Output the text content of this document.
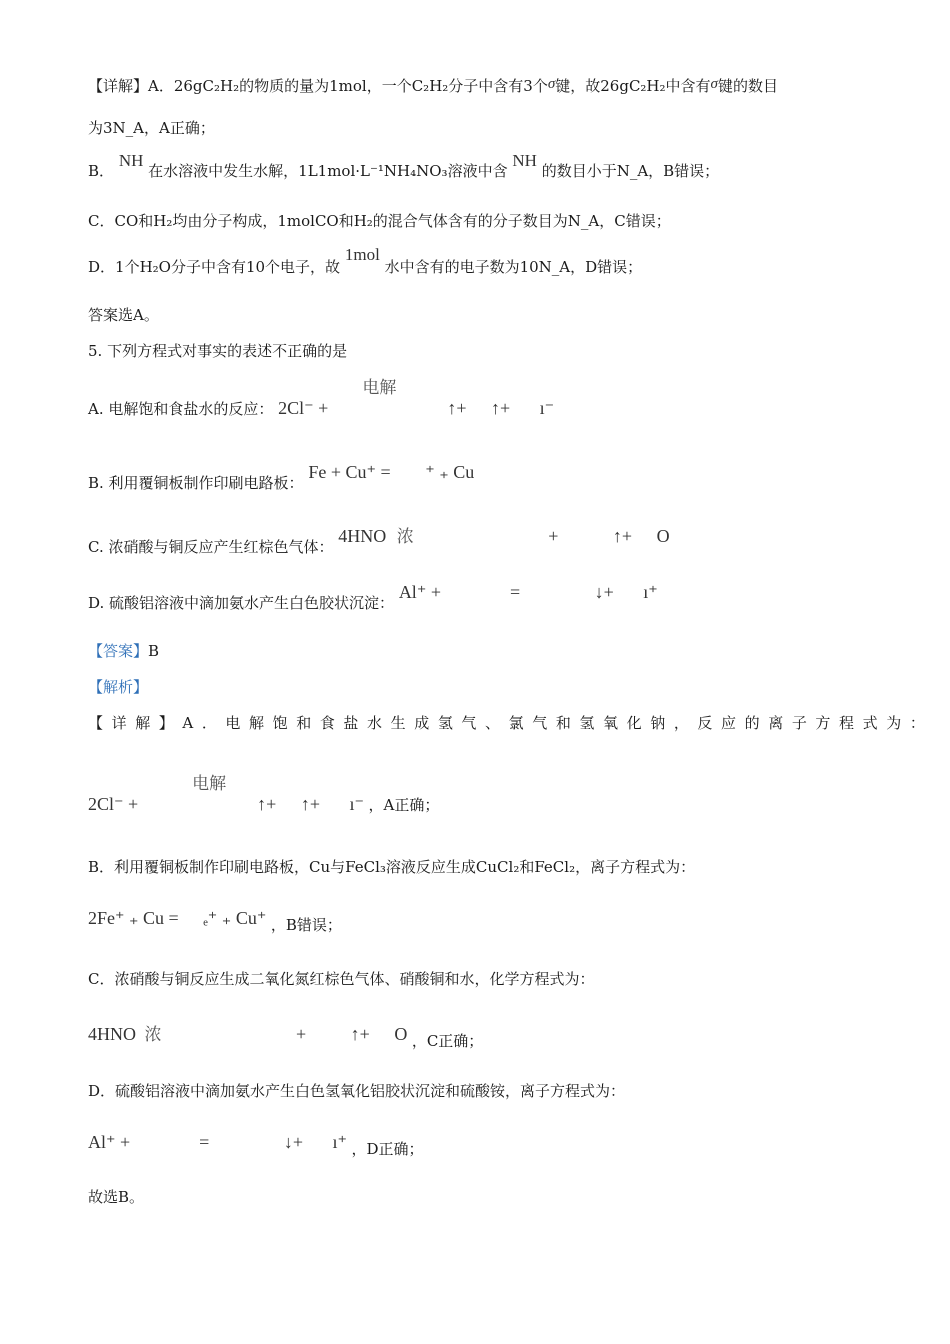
【详解】A．26gC₂H₂的物质的量为1mol，一个C₂H₂分子中含有3个σ键，故26gC₂H₂中含有σ键的数目
为3N_A，A正确；
B． NH 在水溶液中发生水解，1L1mol·L⁻¹NH₄NO₃溶液中含 NH 的数目小于N_A，B错误；
C．CO和H₂均由分子构成，1molCO和H₂的混合气体含有的分子数目为N_A，C错误；
D．1个H₂O分子中含有10个电子，故 1mol 水中含有的电子数为10N_A，D错误；
答案选A。
5. 下列方程式对事实的表述不正确的是
A. 电解饱和食盐水的反应： 2Cl⁻ +
电解
↑+ ↑+ ı⁻
B. 利用覆铜板制作印刷电路板： Fe + Cu⁺ = ⁺ ₊ Cu
C. 浓硝酸与铜反应产生红棕色气体： 4HNO 浓	+	↑+ O
D. 硫酸铝溶液中滴加氨水产生白色胶状沉淀： Al⁺ +	=	↓+ ı⁺
【答案】B
【解析】
【详解】A．电解饱和食盐水生成氢气、氯气和氢氧化钠，反应的离子方程式为：
2Cl⁻ +
电解
↑+ ↑+ ı⁻ ，A正确；
B．利用覆铜板制作印刷电路板，Cu与FeCl₃溶液反应生成CuCl₂和FeCl₂，离子方程式为：
2Fe⁺ ₊ Cu = ₑ⁺ ₊ Cu⁺ ，B错误；
C．浓硝酸与铜反应生成二氧化氮红棕色气体、硝酸铜和水，化学方程式为：
4HNO 浓	+ ↑+ O ，C正确；
D．硫酸铝溶液中滴加氨水产生白色氢氧化铝胶状沉淀和硫酸铵，离子方程式为：
Al⁺ +	=	↓+ ı⁺ ，D正确；
故选B。
